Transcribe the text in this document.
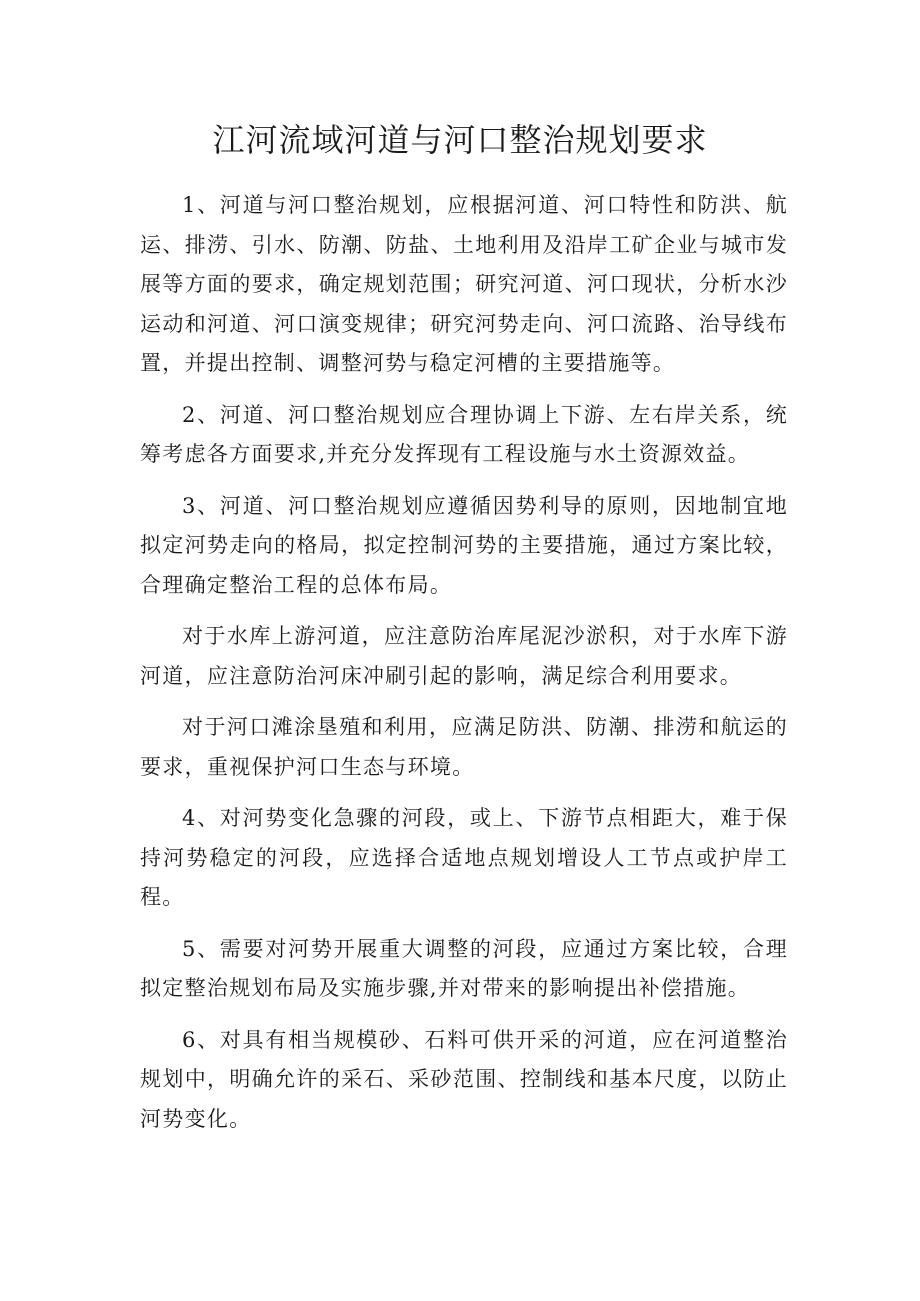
江河流域河道与河口整治规划要求

1、河道与河口整治规划，应根据河道、河口特性和防洪、航运、排涝、引水、防潮、防盐、土地利用及沿岸工矿企业与城市发展等方面的要求，确定规划范围；研究河道、河口现状，分析水沙运动和河道、河口演变规律；研究河势走向、河口流路、治导线布置，并提出控制、调整河势与稳定河槽的主要措施等。

2、河道、河口整治规划应合理协调上下游、左右岸关系，统筹考虑各方面要求,并充分发挥现有工程设施与水土资源效益。

3、河道、河口整治规划应遵循因势利导的原则，因地制宜地拟定河势走向的格局，拟定控制河势的主要措施，通过方案比较，合理确定整治工程的总体布局。

对于水库上游河道，应注意防治库尾泥沙淤积，对于水库下游河道，应注意防治河床冲刷引起的影响，满足综合利用要求。

对于河口滩涂垦殖和利用，应满足防洪、防潮、排涝和航运的要求，重视保护河口生态与环境。

4、对河势变化急骤的河段，或上、下游节点相距大，难于保持河势稳定的河段，应选择合适地点规划增设人工节点或护岸工程。

5、需要对河势开展重大调整的河段，应通过方案比较，合理拟定整治规划布局及实施步骤,并对带来的影响提出补偿措施。

6、对具有相当规模砂、石料可供开采的河道，应在河道整治规划中，明确允许的采石、采砂范围、控制线和基本尺度，以防止河势变化。
